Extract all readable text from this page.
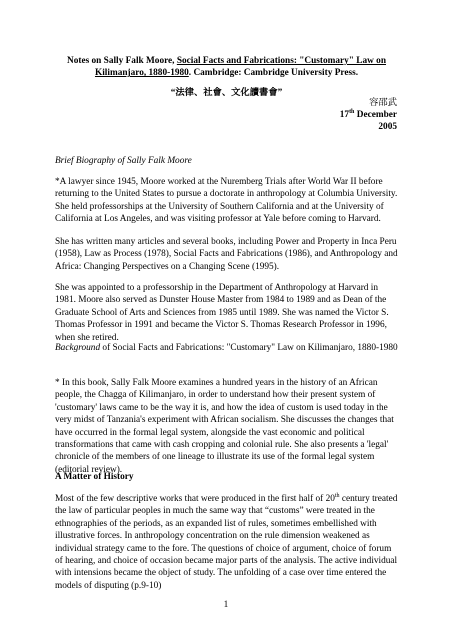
Notes on Sally Falk Moore, Social Facts and Fabrications: "Customary" Law on Kilimanjaro, 1880-1980. Cambridge: Cambridge University Press.
“法律、社會、文化讀書會”
容邵武
17th December
2005

Brief Biography of Sally Falk Moore

*A lawyer since 1945, Moore worked at the Nuremberg Trials after World War II before returning to the United States to pursue a doctorate in anthropology at Columbia University. She held professorships at the University of Southern California and at the University of California at Los Angeles, and was visiting professor at Yale before coming to Harvard.

She has written many articles and several books, including Power and Property in Inca Peru (1958), Law as Process (1978), Social Facts and Fabrications (1986), and Anthropology and Africa: Changing Perspectives on a Changing Scene (1995).

She was appointed to a professorship in the Department of Anthropology at Harvard in 1981. Moore also served as Dunster House Master from 1984 to 1989 and as Dean of the Graduate School of Arts and Sciences from 1985 until 1989. She was named the Victor S. Thomas Professor in 1991 and became the Victor S. Thomas Research Professor in 1996, when she retired.

Background of Social Facts and Fabrications: "Customary" Law on Kilimanjaro, 1880-1980

* In this book, Sally Falk Moore examines a hundred years in the history of an African people, the Chagga of Kilimanjaro, in order to understand how their present system of 'customary' laws came to be the way it is, and how the idea of custom is used today in the very midst of Tanzania's experiment with African socialism. She discusses the changes that have occurred in the formal legal system, alongside the vast economic and political transformations that came with cash cropping and colonial rule. She also presents a 'legal' chronicle of the members of one lineage to illustrate its use of the formal legal system (editorial review).

A Matter of History

Most of the few descriptive works that were produced in the first half of 20th century treated the law of particular peoples in much the same way that “customs” were treated in the ethnographies of the periods, as an expanded list of rules, sometimes embellished with illustrative forces. In anthropology concentration on the rule dimension weakened as individual strategy came to the fore. The questions of choice of argument, choice of forum of hearing, and choice of occasion became major parts of the analysis. The active individual with intensions became the object of study. The unfolding of a case over time entered the models of disputing (p.9-10)

1
